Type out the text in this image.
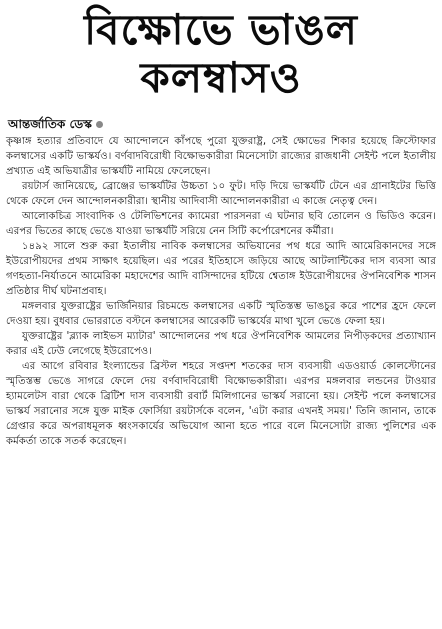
বিক্ষোভে ভাঙল
কলম্বাসও
আন্তর্জাতিক ডেস্ক

কৃষ্ণাঙ্গ হত্যার প্রতিবাদে যে আন্দোলনে কাঁপছে পুরো যুক্তরাষ্ট্র, সেই ক্ষোভের শিকার হয়েছে ক্রিস্টোফার কলম্বাসের একটি ভাস্কর্যও। বর্ণবাদবিরোধী বিক্ষোভকারীরা মিনেসোটা রাজ্যের রাজধানী সেইন্ট পলে ইতালীয় প্রখ্যাত এই অভিযাত্রীর ভাস্কর্যটি নামিয়ে ফেলেছেন।

রয়টার্স জানিয়েছে, ব্রোঞ্জের ভাস্কর্যটির উচ্চতা ১০ ফুট। দড়ি দিয়ে ভাস্কর্যটি টেনে এর গ্রানাইটের ভিত্তি থেকে ফেলে দেন আন্দোলনকারীরা। স্থানীয় আদিবাসী আন্দোলনকারীরা এ কাজে নেতৃত্ব দেন।

আলোকচিত্র সাংবাদিক ও টেলিভিশনের ক্যামেরা পারসনরা এ ঘটনার ছবি তোলেন ও ভিডিও করেন। এরপর ভিতের কাছে ভেঙে যাওয়া ভাস্কর্যটি সরিয়ে নেন সিটি কর্পোরেশনের কর্মীরা।

১৪৯২ সালে শুরু করা ইতালীয় নাবিক কলম্বাসের অভিযানের পথ ধরে আদি আমেরিকানদের সঙ্গে ইউরোপীয়দের প্রথম সাক্ষাৎ হয়েছিল। এর পরের ইতিহাসে জড়িয়ে আছে আটলান্টিকের দাস ব্যবসা আর গণহত্যা-নির্যাতনে আমেরিকা মহাদেশের আদি বাসিন্দাদের হটিয়ে শ্বেতাঙ্গ ইউরোপীয়দের ঔপনিবেশিক শাসন প্রতিষ্ঠার দীর্ঘ ঘটনাপ্রবাহ।

মঙ্গলবার যুক্তরাষ্ট্রের ভার্জিনিয়ার রিচমন্ডে কলম্বাসের একটি স্মৃতিস্তম্ভ ভাঙচুর করে পাশের হ্রদে ফেলে দেওয়া হয়। বুধবার ভোররাতে বস্টনে কলম্বাসের আরেকটি ভাস্কর্যের মাথা খুলে ভেঙে ফেলা হয়।

যুক্তরাষ্ট্রের 'ব্ল্যাক লাইভস ম্যাটার' আন্দোলনের পথ ধরে ঔপনিবেশিক আমলের নিপীড়কদের প্রত্যাখ্যান করার এই ঢেউ লেগেছে ইউরোপেও।

এর আগে রবিবার ইংল্যান্ডের ব্রিস্টল শহরে সপ্তদশ শতকের দাস ব্যবসায়ী এডওয়ার্ড কোলস্টোনের স্মৃতিস্তম্ভ ভেঙে সাগরে ফেলে দেয় বর্ণবাদবিরোধী বিক্ষোভকারীরা। এরপর মঙ্গলবার লন্ডনের টাওয়ার হ্যামলেটস বারা থেকে ব্রিটিশ দাস ব্যবসায়ী রবার্ট মিলিগানের ভাস্কর্য সরানো হয়। সেইন্ট পলে কলম্বাসের ভাস্কর্য সরানোর সঙ্গে যুক্ত মাইক ফোর্সিয়া রয়টার্সকে বলেন, 'এটা করার এখনই সময়।' তিনি জানান, তাকে গ্রেপ্তার করে অপরাধমূলক ধ্বংসকার্যের অভিযোগ আনা হতে পারে বলে মিনেসোটা রাজ্য পুলিশের এক কর্মকর্তা তাকে সতর্ক করেছেন।
